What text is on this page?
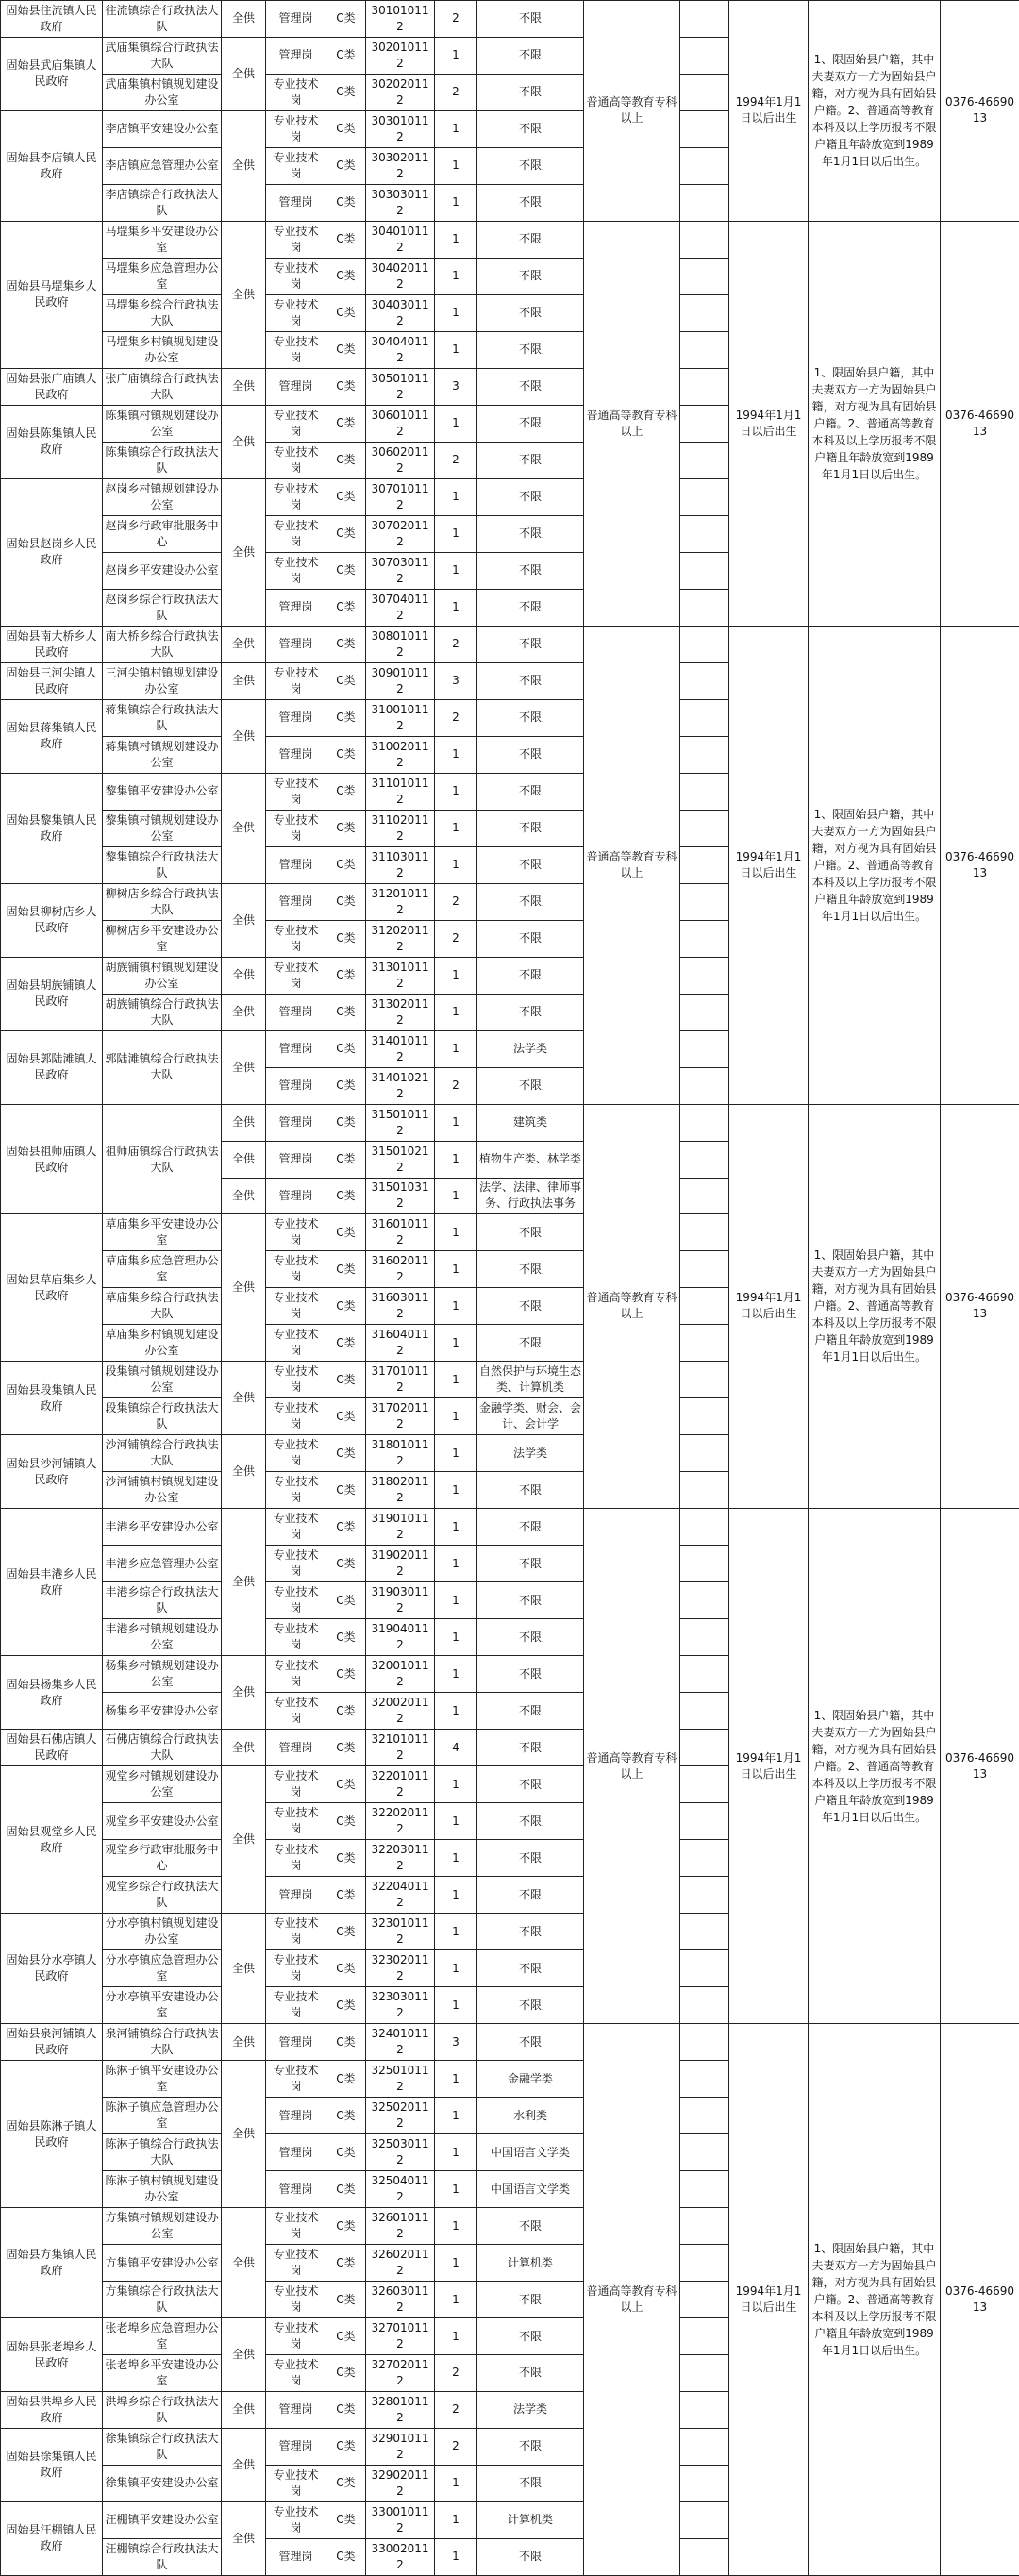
固始县往流镇人民政府	往流镇综合行政执法大队	全供	管理岗	C类	301010112	2	不限	普通高等教育专科以上		1994年1月1日以后出生	1、限固始县户籍，其中夫妻双方一方为固始县户籍，对方视为具有固始县户籍。2、普通高等教育本科及以上学历报考不限户籍且年龄放宽到1989年1月1日以后出生。	0376-4669013
固始县武庙集镇人民政府	武庙集镇综合行政执法大队	全供	管理岗	C类	302010112	1	不限					
	武庙集镇村镇规划建设办公室		专业技术岗	C类	302020112	2	不限					
固始县李店镇人民政府	李店镇平安建设办公室	全供	专业技术岗	C类	303010112	1	不限					
	李店镇应急管理办公室		专业技术岗	C类	303020112	1	不限					
	李店镇综合行政执法大队		管理岗	C类	303030112	1	不限					
固始县马堽集乡人民政府	马堽集乡平安建设办公室	全供	专业技术岗	C类	304010112	1	不限	普通高等教育专科以上		1994年1月1日以后出生	1、限固始县户籍，其中夫妻双方一方为固始县户籍，对方视为具有固始县户籍。2、普通高等教育本科及以上学历报考不限户籍且年龄放宽到1989年1月1日以后出生。	0376-4669013
	马堽集乡应急管理办公室		专业技术岗	C类	304020112	1	不限					
	马堽集乡综合行政执法大队		专业技术岗	C类	304030112	1	不限					
	马堽集乡村镇规划建设办公室		专业技术岗	C类	304040112	1	不限					
固始县张广庙镇人民政府	张广庙镇综合行政执法大队	全供	管理岗	C类	305010112	3	不限					
固始县陈集镇人民政府	陈集镇村镇规划建设办公室	全供	专业技术岗	C类	306010112	1	不限					
	陈集镇综合行政执法大队		专业技术岗	C类	306020112	2	不限					
固始县赵岗乡人民政府	赵岗乡村镇规划建设办公室	全供	专业技术岗	C类	307010112	1	不限					
	赵岗乡行政审批服务中心		专业技术岗	C类	307020112	1	不限					
	赵岗乡平安建设办公室		专业技术岗	C类	307030112	1	不限					
	赵岗乡综合行政执法大队		管理岗	C类	307040112	1	不限					
固始县南大桥乡人民政府	南大桥乡综合行政执法大队	全供	管理岗	C类	308010112	2	不限	普通高等教育专科以上		1994年1月1日以后出生	1、限固始县户籍，其中夫妻双方一方为固始县户籍，对方视为具有固始县户籍。2、普通高等教育本科及以上学历报考不限户籍且年龄放宽到1989年1月1日以后出生。	0376-4669013
固始县三河尖镇人民政府	三河尖镇村镇规划建设办公室	全供	专业技术岗	C类	309010112	3	不限					
固始县蒋集镇人民政府	蒋集镇综合行政执法大队	全供	管理岗	C类	310010112	2	不限					
	蒋集镇村镇规划建设办公室		管理岗	C类	310020112	1	不限					
固始县黎集镇人民政府	黎集镇平安建设办公室	全供	专业技术岗	C类	311010112	1	不限					
	黎集镇村镇规划建设办公室		专业技术岗	C类	311020112	1	不限					
	黎集镇综合行政执法大队		管理岗	C类	311030112	1	不限					
固始县柳树店乡人民政府	柳树店乡综合行政执法大队	全供	管理岗	C类	312010112	2	不限					
	柳树店乡平安建设办公室		专业技术岗	C类	312020112	2	不限					
固始县胡族铺镇人民政府	胡族铺镇村镇规划建设办公室	全供	专业技术岗	C类	313010112	1	不限					
	胡族铺镇综合行政执法大队	全供	管理岗	C类	313020112	1	不限					
固始县郭陆滩镇人民政府	郭陆滩镇综合行政执法大队	全供	管理岗	C类	314010112	1	法学类					
			管理岗	C类	314010212	2	不限					
固始县祖师庙镇人民政府	祖师庙镇综合行政执法大队	全供	管理岗	C类	315010112	1	建筑类	普通高等教育专科以上		1994年1月1日以后出生	1、限固始县户籍，其中夫妻双方一方为固始县户籍，对方视为具有固始县户籍。2、普通高等教育本科及以上学历报考不限户籍且年龄放宽到1989年1月1日以后出生。	0376-4669013
		全供	管理岗	C类	315010212	1	植物生产类、林学类					
		全供	管理岗	C类	315010312	1	法学、法律、律师事务、行政执法事务					
固始县草庙集乡人民政府	草庙集乡平安建设办公室	全供	专业技术岗	C类	316010112	1	不限					
	草庙集乡应急管理办公室		专业技术岗	C类	316020112	1	不限					
	草庙集乡综合行政执法大队		专业技术岗	C类	316030112	1	不限					
	草庙集乡村镇规划建设办公室		专业技术岗	C类	316040112	1	不限					
固始县段集镇人民政府	段集镇村镇规划建设办公室	全供	专业技术岗	C类	317010112	1	自然保护与环境生态类、计算机类					
	段集镇综合行政执法大队		专业技术岗	C类	317020112	1	金融学类、财会、会计、会计学					
固始县沙河铺镇人民政府	沙河铺镇综合行政执法大队	全供	专业技术岗	C类	318010112	1	法学类					
	沙河铺镇村镇规划建设办公室		专业技术岗	C类	318020112	1	不限					
固始县丰港乡人民政府	丰港乡平安建设办公室	全供	专业技术岗	C类	319010112	1	不限	普通高等教育专科以上		1994年1月1日以后出生	1、限固始县户籍，其中夫妻双方一方为固始县户籍，对方视为具有固始县户籍。2、普通高等教育本科及以上学历报考不限户籍且年龄放宽到1989年1月1日以后出生。	0376-4669013
	丰港乡应急管理办公室		专业技术岗	C类	319020112	1	不限					
	丰港乡综合行政执法大队		专业技术岗	C类	319030112	1	不限					
	丰港乡村镇规划建设办公室		专业技术岗	C类	319040112	1	不限					
固始县杨集乡人民政府	杨集乡村镇规划建设办公室	全供	专业技术岗	C类	320010112	1	不限					
	杨集乡平安建设办公室		专业技术岗	C类	320020112	1	不限					
固始县石佛店镇人民政府	石佛店镇综合行政执法大队	全供	管理岗	C类	321010112	4	不限					
固始县观堂乡人民政府	观堂乡村镇规划建设办公室	全供	专业技术岗	C类	322010112	1	不限					
	观堂乡平安建设办公室		专业技术岗	C类	322020112	1	不限					
	观堂乡行政审批服务中心		专业技术岗	C类	322030112	1	不限					
	观堂乡综合行政执法大队		管理岗	C类	322040112	1	不限					
固始县分水亭镇人民政府	分水亭镇村镇规划建设办公室	全供	专业技术岗	C类	323010112	1	不限					
	分水亭镇应急管理办公室		专业技术岗	C类	323020112	1	不限					
	分水亭镇平安建设办公室		专业技术岗	C类	323030112	1	不限					
固始县泉河铺镇人民政府	泉河铺镇综合行政执法大队	全供	管理岗	C类	324010112	3	不限	普通高等教育专科以上		1994年1月1日以后出生	1、限固始县户籍，其中夫妻双方一方为固始县户籍，对方视为具有固始县户籍。2、普通高等教育本科及以上学历报考不限户籍且年龄放宽到1989年1月1日以后出生。	0376-4669013
固始县陈淋子镇人民政府	陈淋子镇平安建设办公室	全供	专业技术岗	C类	325010112	1	金融学类					
	陈淋子镇应急管理办公室		管理岗	C类	325020112	1	水利类					
	陈淋子镇综合行政执法大队		管理岗	C类	325030112	1	中国语言文学类					
	陈淋子镇村镇规划建设办公室		管理岗	C类	325040112	1	中国语言文学类					
固始县方集镇人民政府	方集镇村镇规划建设办公室	全供	专业技术岗	C类	326010112	1	不限					
	方集镇平安建设办公室		专业技术岗	C类	326020112	1	计算机类					
	方集镇综合行政执法大队		专业技术岗	C类	326030112	1	不限					
固始县张老埠乡人民政府	张老埠乡应急管理办公室	全供	专业技术岗	C类	327010112	1	不限					
	张老埠乡平安建设办公室		专业技术岗	C类	327020112	2	不限					
固始县洪埠乡人民政府	洪埠乡综合行政执法大队	全供	管理岗	C类	328010112	2	法学类					
固始县徐集镇人民政府	徐集镇综合行政执法大队	全供	管理岗	C类	329010112	2	不限					
	徐集镇平安建设办公室		专业技术岗	C类	329020112	1	不限					
固始县汪棚镇人民政府	汪棚镇平安建设办公室	全供	专业技术岗	C类	330010112	1	计算机类					
	汪棚镇综合行政执法大队		管理岗	C类	330020112	1	不限					
